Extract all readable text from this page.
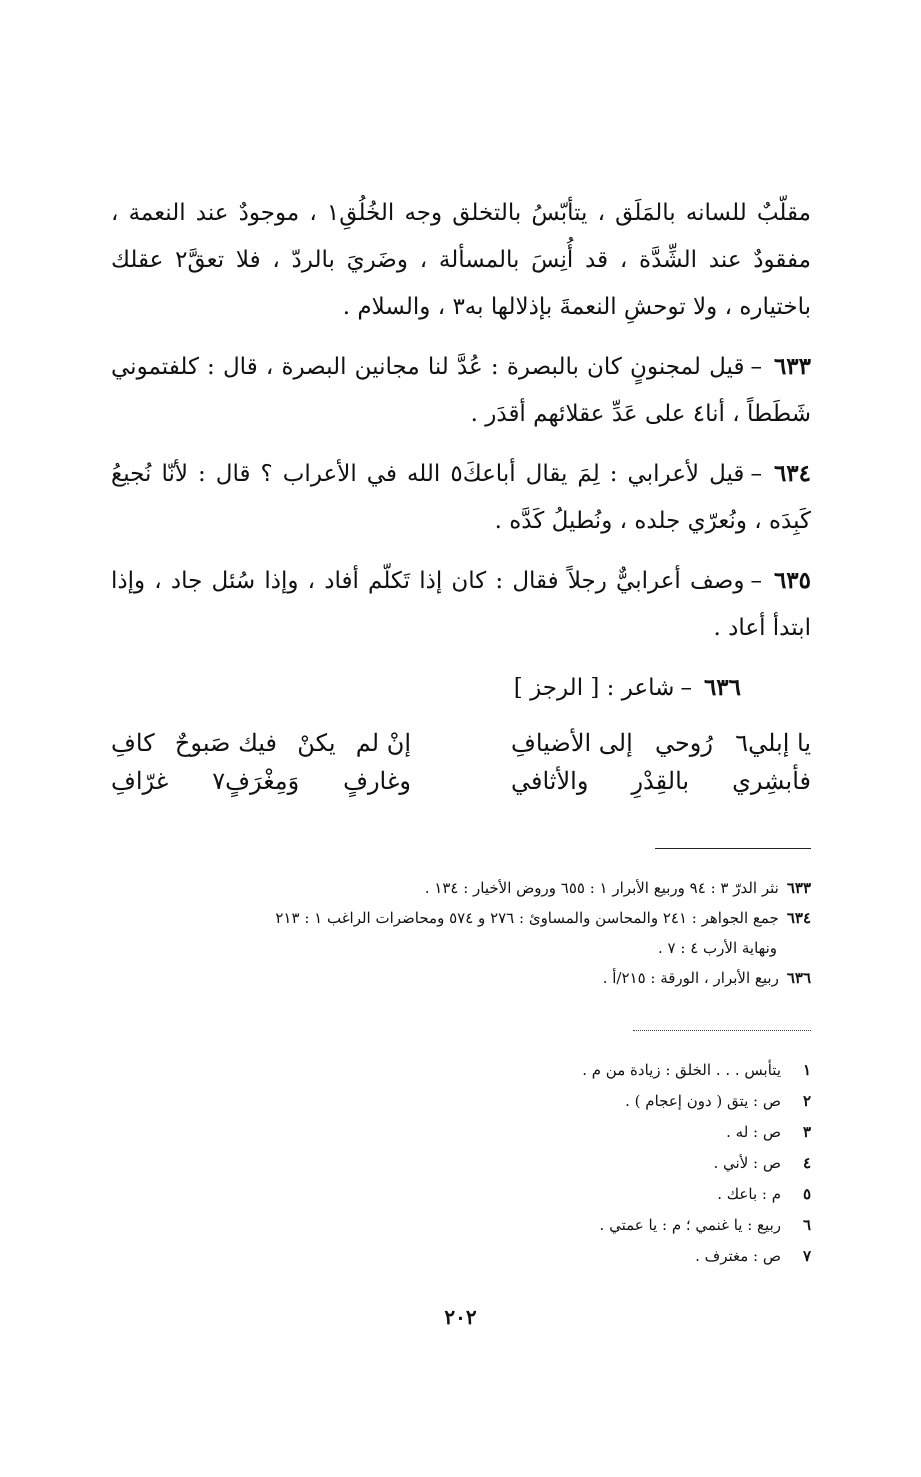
مقلّبٌ للسانه بالمَلَق ، يتأبّسُ بالتخلق وجه الخُلُقِ١ ، موجودٌ عند النعمة ، مفقودٌ عند الشِّدَّة ، قد أُنِسَ بالمسألة ، وضَريَ بالردّ ، فلا تعقَّ٢ عقلك باختياره ، ولا توحشِ النعمةَ بإذلالها به٣ ، والسلام .

٦٣٣–قيل لمجنونٍ كان بالبصرة : عُدَّ لنا مجانين البصرة ، قال : كلفتموني شَطَطاً ، أنا٤ على عَدِّ عقلائهم أقدَر .

٦٣٤–قيل لأعرابي : لِمَ يقال أباعكَ٥ الله في الأعراب ؟ قال : لأنّا نُجيعُ كَبِدَه ، ونُعرّي جلده ، ونُطيلُ كَدَّه .

٦٣٥–وصف أعرابيٌّ رجلاً فقال : كان إذا تَكلّم أفاد ، وإذا سُئل جاد ، وإذا ابتدأ أعاد .

٦٣٦–شاعر : [ الرجز ]

يا إبلي٦
رُوحي
إلى الأضيافِ
إنْ لم
يكنْ
فيك صَبوحٌ
كافِ
فأبشِري
بالقِدْرِ
والأثافي
وغارفٍ
وَمِغْرَفٍ٧
غرّافِ

٦٣٣نثر الدرّ ٣ : ٩٤ وربيع الأبرار ١ : ٦٥٥ وروض الأخيار : ١٣٤ .

٦٣٤جمع الجواهر : ٢٤١ والمحاسن والمساوئ : ٢٧٦ و ٥٧٤ ومحاضرات الراغب ١ : ٢١٣

ونهاية الأرب ٤ : ٧ .

٦٣٦ربيع الأبرار ، الورقة : ٢١٥/أ .

١
يتأبس . . . الخلق : زيادة من م .

٢
ص : يتق ( دون إعجام ) .

٣
ص : له .

٤
ص : لأني .

٥
م : باعك .

٦
ربيع : يا غنمي ؛ م : يا عمتي .

٧
ص : مغترف .

٢٠٢
